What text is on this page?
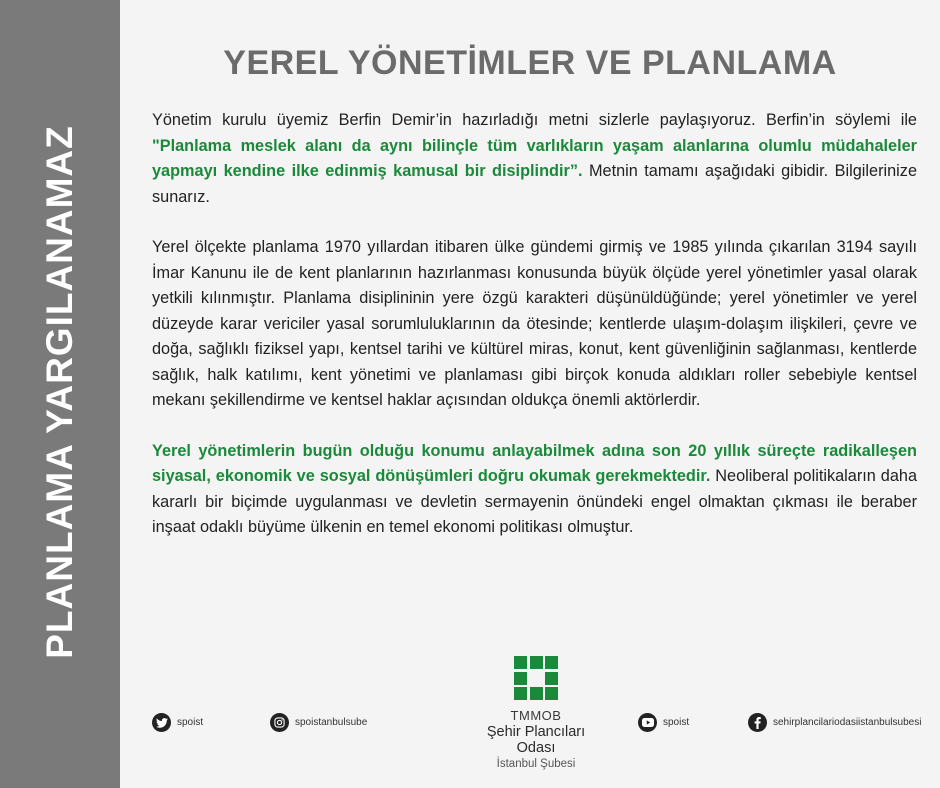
PLANLAMA YARGILANAMAZ
YEREL YÖNETİMLER VE PLANLAMA

Yönetim kurulu üyemiz Berfin Demir’in hazırladığı metni sizlerle paylaşıyoruz. Berfin’in söylemi ile "Planlama meslek alanı da aynı bilinçle tüm varlıkların yaşam alanlarına olumlu müdahaleler yapmayı kendine ilke edinmiş kamusal bir disiplindir”. Metnin tamamı aşağıdaki gibidir. Bilgilerinize sunarız.

Yerel ölçekte planlama 1970 yıllardan itibaren ülke gündemi girmiş ve 1985 yılında çıkarılan 3194 sayılı İmar Kanunu ile de kent planlarının hazırlanması konusunda büyük ölçüde yerel yönetimler yasal olarak yetkili kılınmıştır. Planlama disiplininin yere özgü karakteri düşünüldüğünde; yerel yönetimler ve yerel düzeyde karar vericiler yasal sorumluluklarının da ötesinde; kentlerde ulaşım-dolaşım ilişkileri, çevre ve doğa, sağlıklı fiziksel yapı, kentsel tarihi ve kültürel miras, konut, kent güvenliğinin sağlanması, kentlerde sağlık, halk katılımı, kent yönetimi ve planlaması gibi birçok konuda aldıkları roller sebebiyle kentsel mekanı şekillendirme ve kentsel haklar açısından oldukça önemli aktörlerdir.

Yerel yönetimlerin bugün olduğu konumu anlayabilmek adına son 20 yıllık süreçte radikalleşen siyasal, ekonomik ve sosyal dönüşümleri doğru okumak gerekmektedir. Neoliberal politikaların daha kararlı bir biçimde uygulanması ve devletin sermayenin önündeki engel olmaktan çıkması ile beraber inşaat odaklı büyüme ülkenin en temel ekonomi politikası olmuştur.

TMMOB
Şehir Plancıları Odası
İstanbul Şubesi
spoist	spoistanbulsube	spoist	sehirplancilariodasiistanbulsubesi
